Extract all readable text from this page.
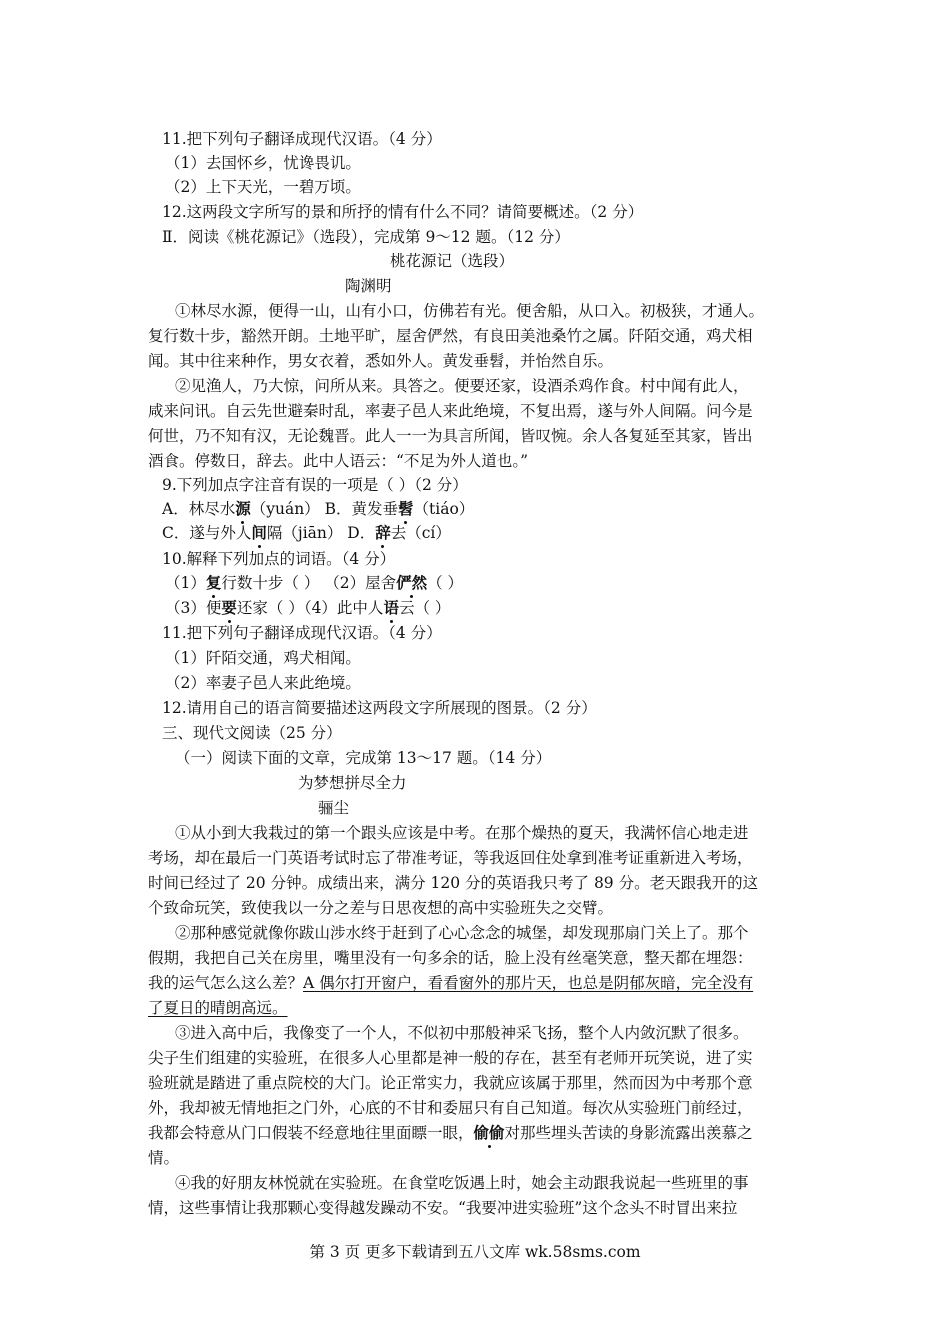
11.把下列句子翻译成现代汉语。（4 分）
（1）去国怀乡，忧谗畏讥。
（2）上下天光，一碧万顷。
12.这两段文字所写的景和所抒的情有什么不同？请简要概述。（2 分）
Ⅱ．阅读《桃花源记》（选段），完成第 9～12 题。（12 分）
桃花源记（选段）
陶渊明
①林尽水源，便得一山，山有小口，仿佛若有光。便舍船，从口入。初极狭，才通人。
复行数十步，豁然开朗。土地平旷，屋舍俨然，有良田美池桑竹之属。阡陌交通，鸡犬相
闻。其中往来种作，男女衣着，悉如外人。黄发垂髫，并怡然自乐。
②见渔人，乃大惊，问所从来。具答之。便要还家，设酒杀鸡作食。村中闻有此人，
咸来问讯。自云先世避秦时乱，率妻子邑人来此绝境，不复出焉，遂与外人间隔。问今是
何世，乃不知有汉，无论魏晋。此人一一为具言所闻，皆叹惋。余人各复延至其家，皆出
酒食。停数日，辞去。此中人语云：“不足为外人道也。”
9.下列加点字注音有误的一项是（ ）（2 分）
A．林尽水源（yuán） B．黄发垂髫（tiáo）
C．遂与外人间隔（jiān） D．辞去（cí）
10.解释下列加点的词语。（4 分）
（1）复行数十步（ ） （2）屋舍俨然（ ）
（3）便要还家（ ）（4）此中人语云（ ）
11.把下列句子翻译成现代汉语。（4 分）
（1）阡陌交通，鸡犬相闻。
（2）率妻子邑人来此绝境。
12.请用自己的语言简要描述这两段文字所展现的图景。（2 分）
三、现代文阅读（25 分）
（一）阅读下面的文章，完成第 13～17 题。（14 分）
为梦想拼尽全力
骊尘
①从小到大我栽过的第一个跟头应该是中考。在那个燥热的夏天，我满怀信心地走进
考场，却在最后一门英语考试时忘了带准考证，等我返回住处拿到准考证重新进入考场，
时间已经过了 20 分钟。成绩出来，满分 120 分的英语我只考了 89 分。老天跟我开的这
个致命玩笑，致使我以一分之差与日思夜想的高中实验班失之交臂。
②那种感觉就像你跋山涉水终于赶到了心心念念的城堡，却发现那扇门关上了。那个
假期，我把自己关在房里，嘴里没有一句多余的话，脸上没有丝毫笑意，整天都在埋怨：
我的运气怎么这么差？A 偶尔打开窗户，看看窗外的那片天，也总是阴郁灰暗，完全没有
了夏日的晴朗高远。
③进入高中后，我像变了一个人，不似初中那般神采飞扬，整个人内敛沉默了很多。
尖子生们组建的实验班，在很多人心里都是神一般的存在，甚至有老师开玩笑说，进了实
验班就是踏进了重点院校的大门。论正常实力，我就应该属于那里，然而因为中考那个意
外，我却被无情地拒之门外，心底的不甘和委屈只有自己知道。每次从实验班门前经过，
我都会特意从门口假装不经意地往里面瞟一眼，偷偷对那些埋头苦读的身影流露出羡慕之
情。
④我的好朋友林悦就在实验班。在食堂吃饭遇上时，她会主动跟我说起一些班里的事
情，这些事情让我那颗心变得越发躁动不安。“我要冲进实验班”这个念头不时冒出来拉
第 3 页 更多下载请到五八文库 wk.58sms.com
